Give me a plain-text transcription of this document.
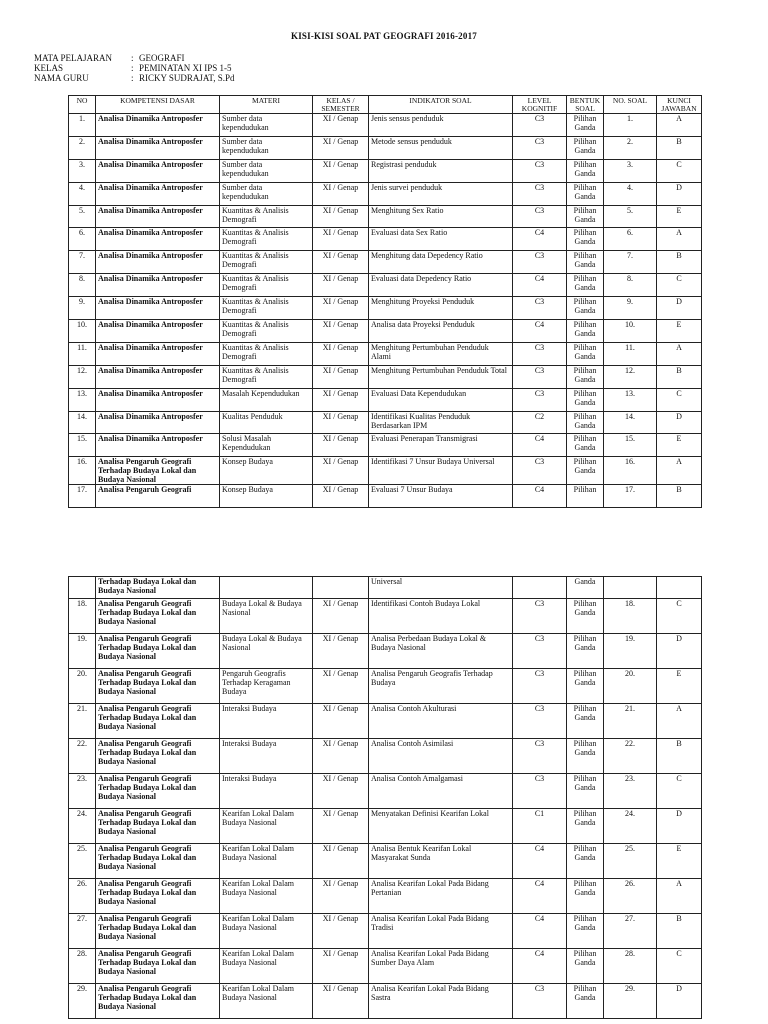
KISI-KISI SOAL PAT GEOGRAFI 2016-2017
MATA PELAJARAN	: GEOGRAFI
KELAS	: PEMINATAN XI IPS 1-5
NAMA GURU	: RICKY SUDRAJAT, S.Pd
NO	KOMPETENSI DASAR	MATERI	KELAS / SEMESTER	INDIKATOR SOAL	LEVEL KOGNITIF	BENTUK SOAL	NO. SOAL	KUNCI JAWABAN
1.	Analisa Dinamika Antroposfer	Sumber data kependudukan	XI / Genap	Jenis sensus penduduk	C3	Pilihan Ganda	1.	A
2.	Analisa Dinamika Antroposfer	Sumber data kependudukan	XI / Genap	Metode sensus penduduk	C3	Pilihan Ganda	2.	B
3.	Analisa Dinamika Antroposfer	Sumber data kependudukan	XI / Genap	Registrasi penduduk	C3	Pilihan Ganda	3.	C
4.	Analisa Dinamika Antroposfer	Sumber data kependudukan	XI / Genap	Jenis survei penduduk	C3	Pilihan Ganda	4.	D
5.	Analisa Dinamika Antroposfer	Kuantitas & Analisis Demografi	XI / Genap	Menghitung Sex Ratio	C3	Pilihan Ganda	5.	E
6.	Analisa Dinamika Antroposfer	Kuantitas & Analisis Demografi	XI / Genap	Evaluasi data Sex Ratio	C4	Pilihan Ganda	6.	A
7.	Analisa Dinamika Antroposfer	Kuantitas & Analisis Demografi	XI / Genap	Menghitung data Depedency Ratio	C3	Pilihan Ganda	7.	B
8.	Analisa Dinamika Antroposfer	Kuantitas & Analisis Demografi	XI / Genap	Evaluasi data Depedency Ratio	C4	Pilihan Ganda	8.	C
9.	Analisa Dinamika Antroposfer	Kuantitas & Analisis Demografi	XI / Genap	Menghitung Proyeksi Penduduk	C3	Pilihan Ganda	9.	D
10.	Analisa Dinamika Antroposfer	Kuantitas & Analisis Demografi	XI / Genap	Analisa data Proyeksi Penduduk	C4	Pilihan Ganda	10.	E
11.	Analisa Dinamika Antroposfer	Kuantitas & Analisis Demografi	XI / Genap	Menghitung Pertumbuhan Penduduk Alami	C3	Pilihan Ganda	11.	A
12.	Analisa Dinamika Antroposfer	Kuantitas & Analisis Demografi	XI / Genap	Menghitung Pertumbuhan Penduduk Total	C3	Pilihan Ganda	12.	B
13.	Analisa Dinamika Antroposfer	Masalah Kependudukan	XI / Genap	Evaluasi Data Kependudukan	C3	Pilihan Ganda	13.	C
14.	Analisa Dinamika Antroposfer	Kualitas Penduduk	XI / Genap	Identifikasi Kualitas Penduduk Berdasarkan IPM	C2	Pilihan Ganda	14.	D
15.	Analisa Dinamika Antroposfer	Solusi Masalah Kependudukan	XI / Genap	Evaluasi Penerapan Transmigrasi	C4	Pilihan Ganda	15.	E
16.	Analisa Pengaruh Geografi Terhadap Budaya Lokal dan Budaya Nasional	Konsep Budaya	XI / Genap	Identifikasi 7 Unsur Budaya Universal	C3	Pilihan Ganda	16.	A
17.	Analisa Pengaruh Geografi	Konsep Budaya	XI / Genap	Evaluasi 7 Unsur Budaya	C4	Pilihan	17.	B
	Terhadap Budaya Lokal dan Budaya Nasional			Universal		Ganda		
18.	Analisa Pengaruh Geografi Terhadap Budaya Lokal dan Budaya Nasional	Budaya Lokal & Budaya Nasional	XI / Genap	Identifikasi Contoh Budaya Lokal	C3	Pilihan Ganda	18.	C
19.	Analisa Pengaruh Geografi Terhadap Budaya Lokal dan Budaya Nasional	Budaya Lokal & Budaya Nasional	XI / Genap	Analisa Perbedaan Budaya Lokal & Budaya Nasional	C3	Pilihan Ganda	19.	D
20.	Analisa Pengaruh Geografi Terhadap Budaya Lokal dan Budaya Nasional	Pengaruh Geografis Terhadap Keragaman Budaya	XI / Genap	Analisa Pengaruh Geografis Terhadap Budaya	C3	Pilihan Ganda	20.	E
21.	Analisa Pengaruh Geografi Terhadap Budaya Lokal dan Budaya Nasional	Interaksi Budaya	XI / Genap	Analisa Contoh Akulturasi	C3	Pilihan Ganda	21.	A
22.	Analisa Pengaruh Geografi Terhadap Budaya Lokal dan Budaya Nasional	Interaksi Budaya	XI / Genap	Analisa Contoh Asimilasi	C3	Pilihan Ganda	22.	B
23.	Analisa Pengaruh Geografi Terhadap Budaya Lokal dan Budaya Nasional	Interaksi Budaya	XI / Genap	Analisa Contoh Amalgamasi	C3	Pilihan Ganda	23.	C
24.	Analisa Pengaruh Geografi Terhadap Budaya Lokal dan Budaya Nasional	Kearifan Lokal Dalam Budaya Nasional	XI / Genap	Menyatakan Definisi Kearifan Lokal	C1	Pilihan Ganda	24.	D
25.	Analisa Pengaruh Geografi Terhadap Budaya Lokal dan Budaya Nasional	Kearifan Lokal Dalam Budaya Nasional	XI / Genap	Analisa Bentuk Kearifan Lokal Masyarakat Sunda	C4	Pilihan Ganda	25.	E
26.	Analisa Pengaruh Geografi Terhadap Budaya Lokal dan Budaya Nasional	Kearifan Lokal Dalam Budaya Nasional	XI / Genap	Analisa Kearifan Lokal Pada Bidang Pertanian	C4	Pilihan Ganda	26.	A
27.	Analisa Pengaruh Geografi Terhadap Budaya Lokal dan Budaya Nasional	Kearifan Lokal Dalam Budaya Nasional	XI / Genap	Analisa Kearifan Lokal Pada Bidang Tradisi	C4	Pilihan Ganda	27.	B
28.	Analisa Pengaruh Geografi Terhadap Budaya Lokal dan Budaya Nasional	Kearifan Lokal Dalam Budaya Nasional	XI / Genap	Analisa Kearifan Lokal Pada Bidang Sumber Daya Alam	C4	Pilihan Ganda	28.	C
29.	Analisa Pengaruh Geografi Terhadap Budaya Lokal dan Budaya Nasional	Kearifan Lokal Dalam Budaya Nasional	XI / Genap	Analisa Kearifan Lokal Pada Bidang Sastra	C3	Pilihan Ganda	29.	D
